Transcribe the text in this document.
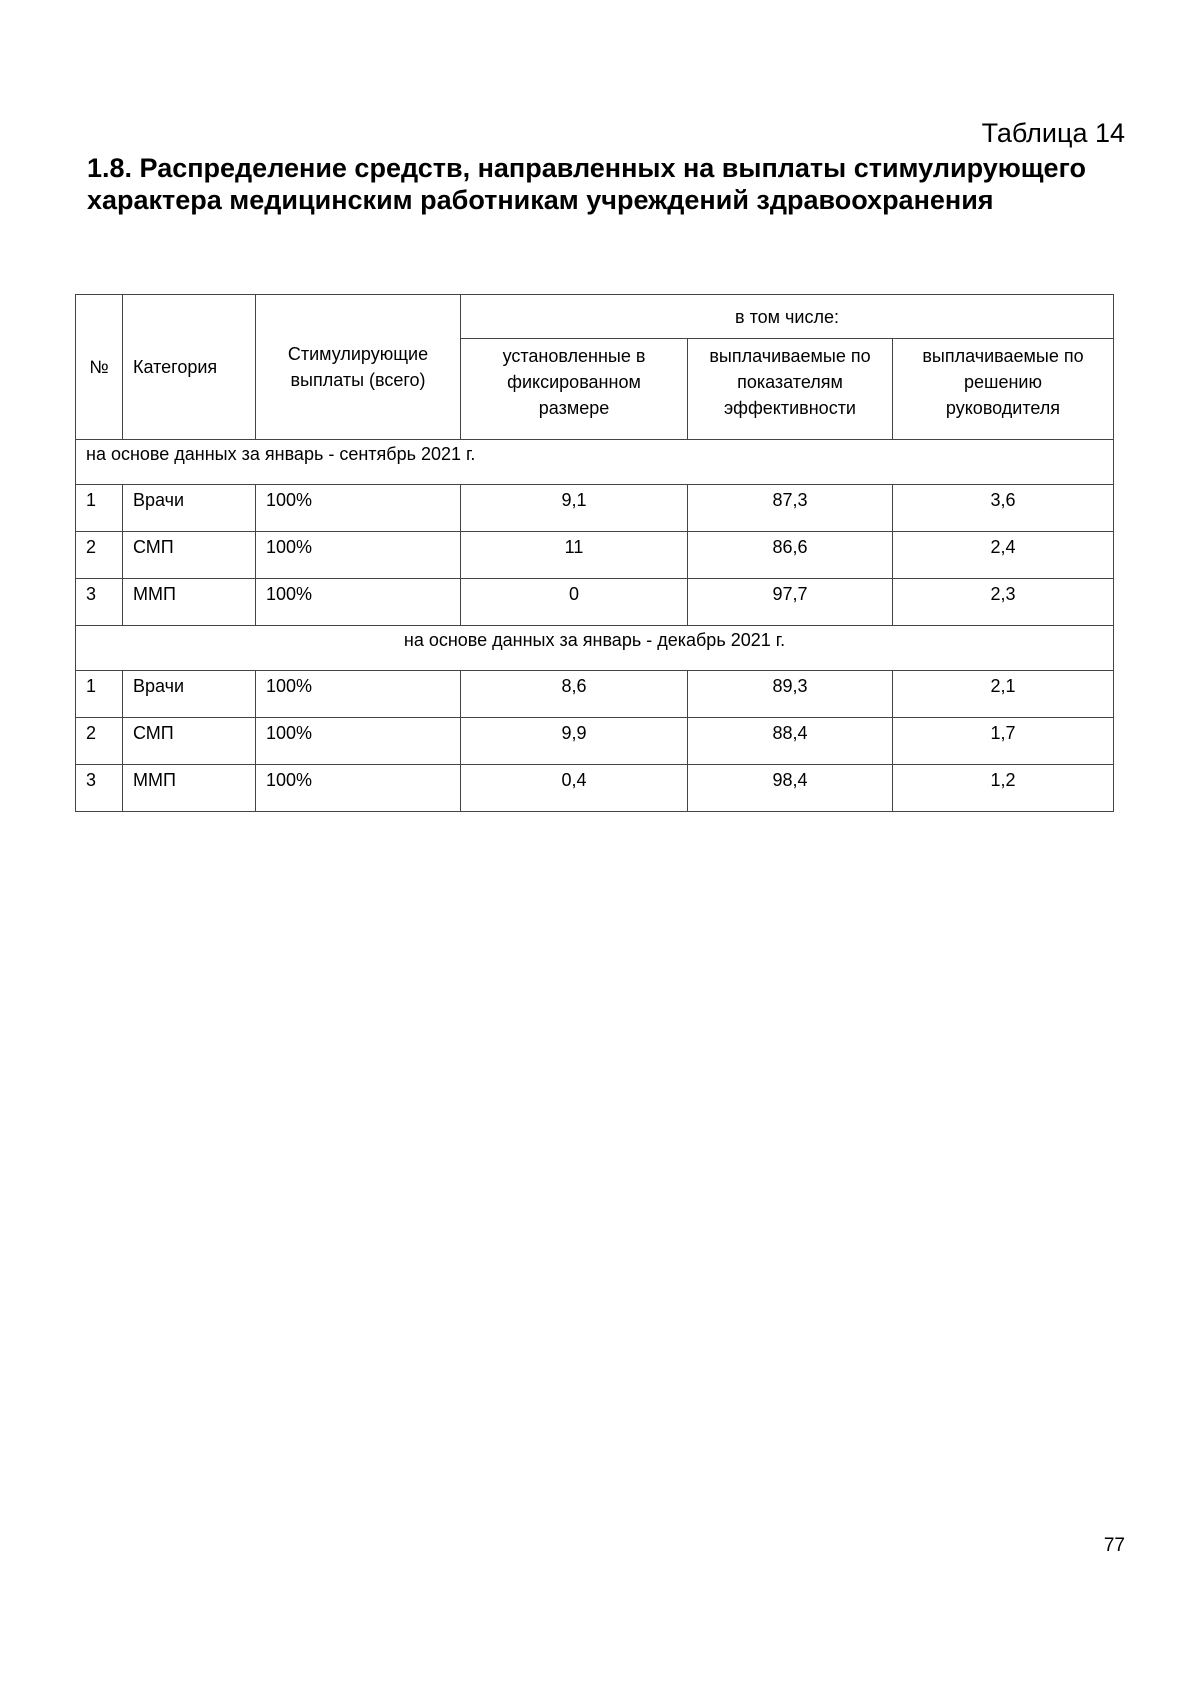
Таблица 14
1.8. Распределение средств, направленных на выплаты стимулирующего характера медицинским работникам учреждений здравоохранения
№	Категория	Стимулирующие выплаты (всего)	в том числе:		
			установленные в фиксированном размере	выплачиваемые по показателям эффективности	выплачиваемые по решению руководителя
на основе данных за январь - сентябрь 2021 г.					
1	Врачи	100%	9,1	87,3	3,6
2	СМП	100%	11	86,6	2,4
3	ММП	100%	0	97,7	2,3
на основе данных за январь - декабрь 2021 г.					
1	Врачи	100%	8,6	89,3	2,1
2	СМП	100%	9,9	88,4	1,7
3	ММП	100%	0,4	98,4	1,2
77
